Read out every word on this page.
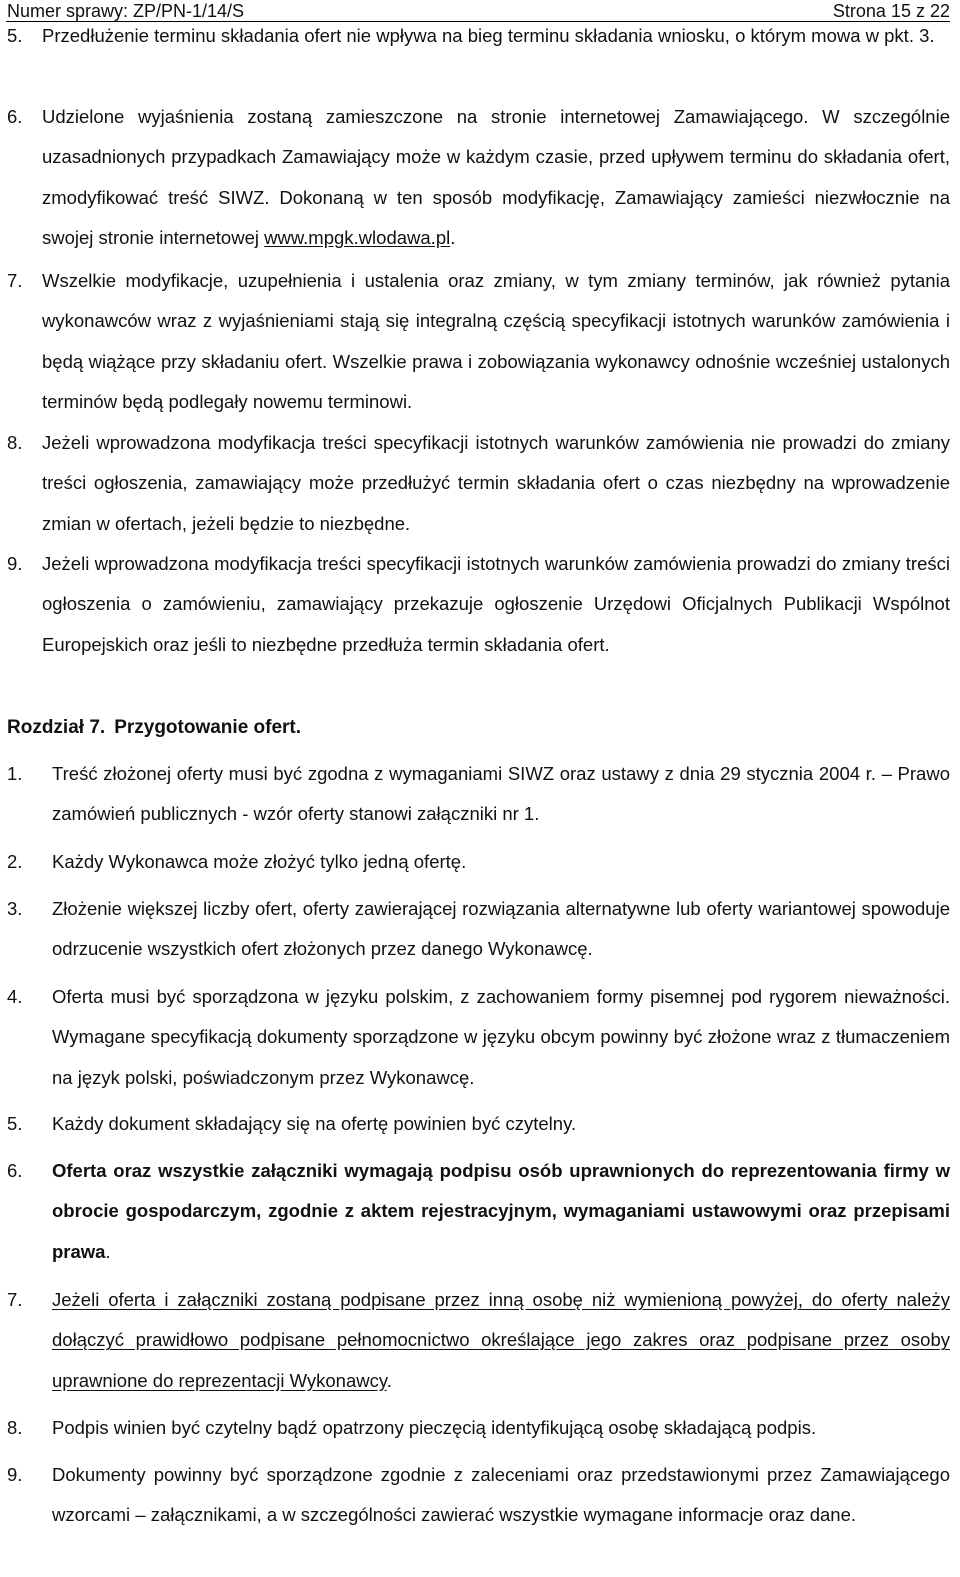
Numer sprawy: ZP/PN-1/14/S	Strona 15 z 22

5. Przedłużenie terminu składania ofert nie wpływa na bieg terminu składania wniosku, o którym mowa w pkt. 3.

6. Udzielone wyjaśnienia zostaną zamieszczone na stronie internetowej Zamawiającego. W szczególnie uzasadnionych przypadkach Zamawiający może w każdym czasie, przed upływem terminu do składania ofert, zmodyfikować treść SIWZ. Dokonaną w ten sposób modyfikację, Zamawiający zamieści niezwłocznie na swojej stronie internetowej www.mpgk.wlodawa.pl.

7. Wszelkie modyfikacje, uzupełnienia i ustalenia oraz zmiany, w tym zmiany terminów, jak również pytania wykonawców wraz z wyjaśnieniami stają się integralną częścią specyfikacji istotnych warunków zamówienia i będą wiążące przy składaniu ofert. Wszelkie prawa i zobowiązania wykonawcy odnośnie wcześniej ustalonych terminów będą podlegały nowemu terminowi.

8. Jeżeli wprowadzona modyfikacja treści specyfikacji istotnych warunków zamówienia nie prowadzi do zmiany treści ogłoszenia, zamawiający może przedłużyć termin składania ofert o czas niezbędny na wprowadzenie zmian w ofertach, jeżeli będzie to niezbędne.

9. Jeżeli wprowadzona modyfikacja treści specyfikacji istotnych warunków zamówienia prowadzi do zmiany treści ogłoszenia o zamówieniu, zamawiający przekazuje ogłoszenie Urzędowi Oficjalnych Publikacji Wspólnot Europejskich oraz jeśli to niezbędne przedłuża termin składania ofert.

Rozdział 7. Przygotowanie ofert.

1. Treść złożonej oferty musi być zgodna z wymaganiami SIWZ oraz ustawy z dnia 29 stycznia 2004 r. – Prawo zamówień publicznych - wzór oferty stanowi załączniki nr 1.

2. Każdy Wykonawca może złożyć tylko jedną ofertę.

3. Złożenie większej liczby ofert, oferty zawierającej rozwiązania alternatywne lub oferty wariantowej spowoduje odrzucenie wszystkich ofert złożonych przez danego Wykonawcę.

4. Oferta musi być sporządzona w języku polskim, z zachowaniem formy pisemnej pod rygorem nieważności. Wymagane specyfikacją dokumenty sporządzone w języku obcym powinny być złożone wraz z tłumaczeniem na język polski, poświadczonym przez Wykonawcę.

5. Każdy dokument składający się na ofertę powinien być czytelny.

6. Oferta oraz wszystkie załączniki wymagają podpisu osób uprawnionych do reprezentowania firmy w obrocie gospodarczym, zgodnie z aktem rejestracyjnym, wymaganiami ustawowymi oraz przepisami prawa.

7. Jeżeli oferta i załączniki zostaną podpisane przez inną osobę niż wymienioną powyżej, do oferty należy dołączyć prawidłowo podpisane pełnomocnictwo określające jego zakres oraz podpisane przez osoby uprawnione do reprezentacji Wykonawcy.

8. Podpis winien być czytelny bądź opatrzony pieczęcią identyfikującą osobę składającą podpis.

9. Dokumenty powinny być sporządzone zgodnie z zaleceniami oraz przedstawionymi przez Zamawiającego wzorcami – załącznikami, a w szczególności zawierać wszystkie wymagane informacje oraz dane.
